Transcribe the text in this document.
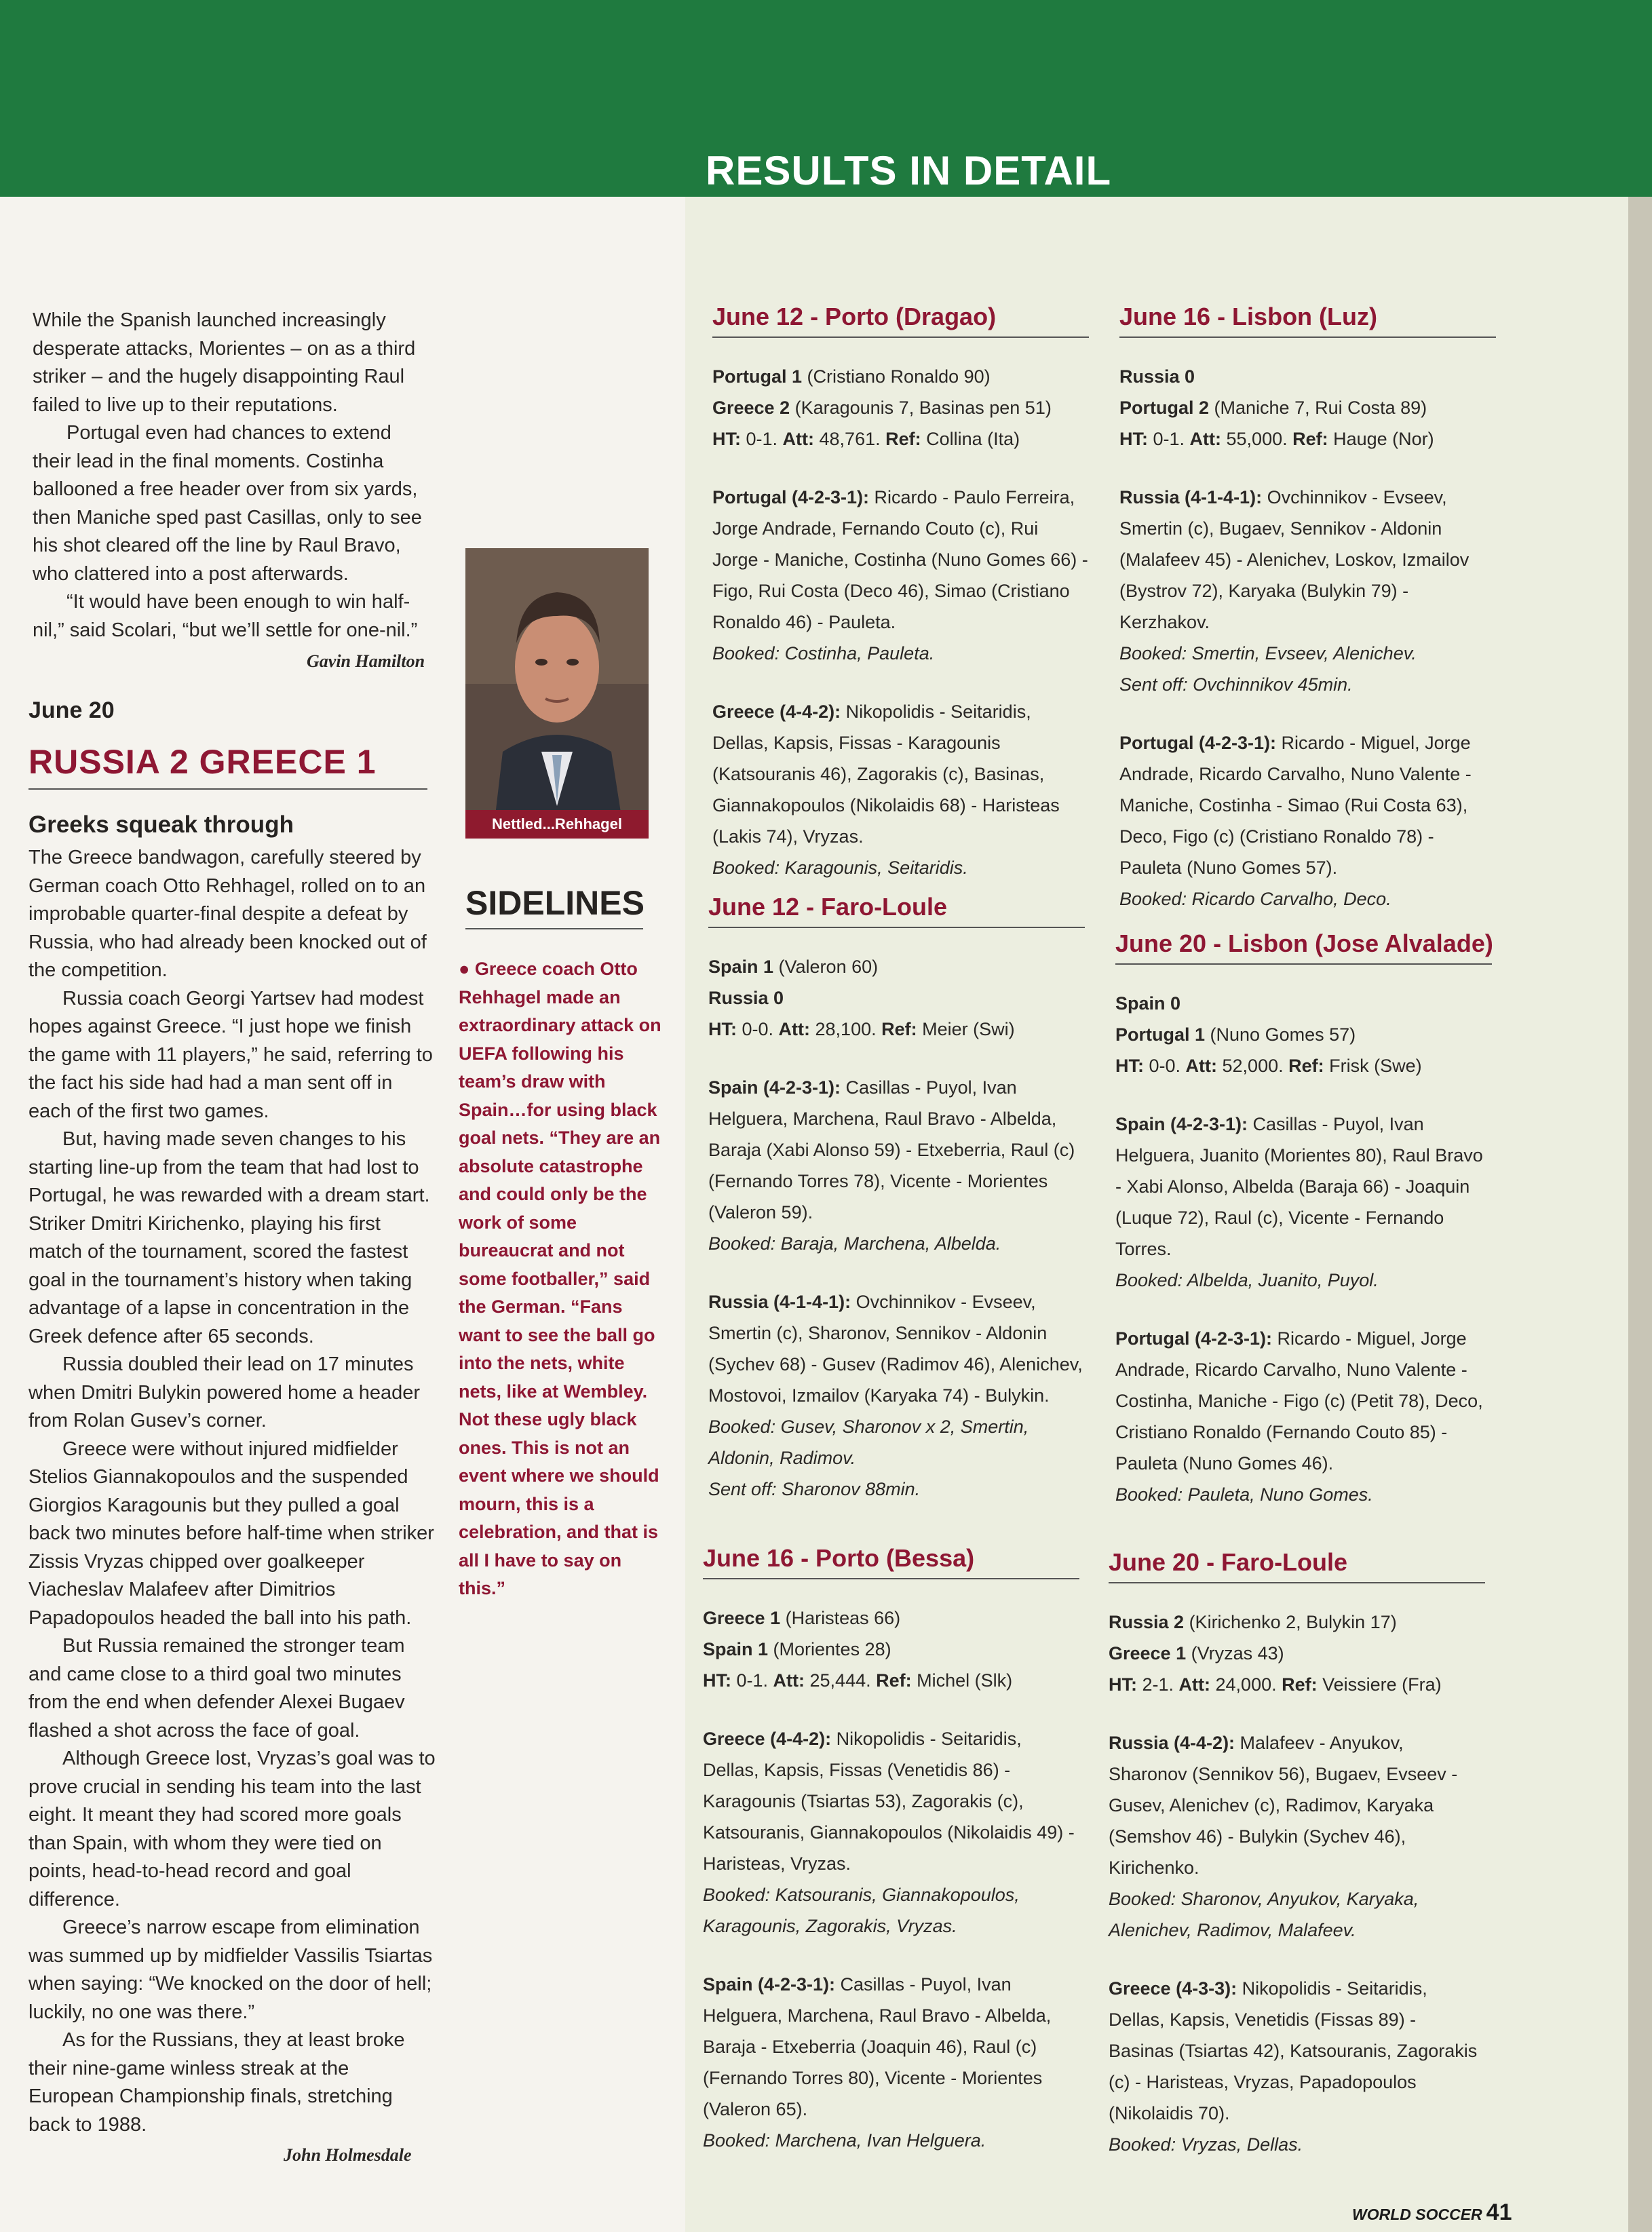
RESULTS IN DETAIL

While the Spanish launched increasingly desperate attacks, Morientes – on as a third striker – and the hugely disappointing Raul failed to live up to their reputations.

Portugal even had chances to extend their lead in the final moments. Costinha ballooned a free header over from six yards, then Maniche sped past Casillas, only to see his shot cleared off the line by Raul Bravo, who clattered into a post afterwards.

“It would have been enough to win half-nil,” said Scolari, “but we’ll settle for one-nil.”

Gavin Hamilton
June 20
RUSSIA 2 GREECE 1
Greeks squeak through

The Greece bandwagon, carefully steered by German coach Otto Rehhagel, rolled on to an improbable quarter-final despite a defeat by Russia, who had already been knocked out of the competition.

Russia coach Georgi Yartsev had modest hopes against Greece. “I just hope we finish the game with 11 players,” he said, referring to the fact his side had had a man sent off in each of the first two games.

But, having made seven changes to his starting line-up from the team that had lost to Portugal, he was rewarded with a dream start. Striker Dmitri Kirichenko, playing his first match of the tournament, scored the fastest goal in the tournament’s history when taking advantage of a lapse in concentration in the Greek defence after 65 seconds.

Russia doubled their lead on 17 minutes when Dmitri Bulykin powered home a header from Rolan Gusev’s corner.

Greece were without injured midfielder Stelios Giannakopoulos and the suspended Giorgios Karagounis but they pulled a goal back two minutes before half-time when striker Zissis Vryzas chipped over goalkeeper Viacheslav Malafeev after Dimitrios Papadopoulos headed the ball into his path.

But Russia remained the stronger team and came close to a third goal two minutes from the end when defender Alexei Bugaev flashed a shot across the face of goal.

Although Greece lost, Vryzas’s goal was to prove crucial in sending his team into the last eight. It meant they had scored more goals than Spain, with whom they were tied on points, head-to-head record and goal difference.

Greece’s narrow escape from elimination was summed up by midfielder Vassilis Tsiartas when saying: “We knocked on the door of hell; luckily, no one was there.”

As for the Russians, they at least broke their nine-game winless streak at the European Championship finals, stretching back to 1988.

John Holmesdale
Nettled...Rehhagel
SIDELINES
● Greece coach Otto Rehhagel made an extraordinary attack on UEFA following his team’s draw with Spain…for using black goal nets. “They are an absolute catastrophe and could only be the work of some bureaucrat and not some footballer,” said the German. “Fans want to see the ball go into the nets, white nets, like at Wembley. Not these ugly black ones. This is not an event where we should mourn, this is a celebration, and that is all I have to say on this.”
June 12 - Porto (Dragao)
Portugal 1 (Cristiano Ronaldo 90)
Greece 2 (Karagounis 7, Basinas pen 51)
HT: 0-1. Att: 48,761. Ref: Collina (Ita)
Portugal (4-2-3-1): Ricardo - Paulo Ferreira, Jorge Andrade, Fernando Couto (c), Rui Jorge - Maniche, Costinha (Nuno Gomes 66) - Figo, Rui Costa (Deco 46), Simao (Cristiano Ronaldo 46) - Pauleta.
Booked: Costinha, Pauleta.
Greece (4-4-2): Nikopolidis - Seitaridis, Dellas, Kapsis, Fissas - Karagounis (Katsouranis 46), Zagorakis (c), Basinas, Giannakopoulos (Nikolaidis 68) - Haristeas (Lakis 74), Vryzas.
Booked: Karagounis, Seitaridis.
June 12 - Faro-Loule
Spain 1 (Valeron 60)
Russia 0
HT: 0-0. Att: 28,100. Ref: Meier (Swi)
Spain (4-2-3-1): Casillas - Puyol, Ivan Helguera, Marchena, Raul Bravo - Albelda, Baraja (Xabi Alonso 59) - Etxeberria, Raul (c) (Fernando Torres 78), Vicente - Morientes (Valeron 59).
Booked: Baraja, Marchena, Albelda.
Russia (4-1-4-1): Ovchinnikov - Evseev, Smertin (c), Sharonov, Sennikov - Aldonin (Sychev 68) - Gusev (Radimov 46), Alenichev, Mostovoi, Izmailov (Karyaka 74) - Bulykin.
Booked: Gusev, Sharonov x 2, Smertin, Aldonin, Radimov.
Sent off: Sharonov 88min.
June 16 - Porto (Bessa)
Greece 1 (Haristeas 66)
Spain 1 (Morientes 28)
HT: 0-1. Att: 25,444. Ref: Michel (Slk)
Greece (4-4-2): Nikopolidis - Seitaridis, Dellas, Kapsis, Fissas (Venetidis 86) - Karagounis (Tsiartas 53), Zagorakis (c), Katsouranis, Giannakopoulos (Nikolaidis 49) - Haristeas, Vryzas.
Booked: Katsouranis, Giannakopoulos, Karagounis, Zagorakis, Vryzas.
Spain (4-2-3-1): Casillas - Puyol, Ivan Helguera, Marchena, Raul Bravo - Albelda, Baraja - Etxeberria (Joaquin 46), Raul (c) (Fernando Torres 80), Vicente - Morientes (Valeron 65).
Booked: Marchena, Ivan Helguera.
June 16 - Lisbon (Luz)
Russia 0
Portugal 2 (Maniche 7, Rui Costa 89)
HT: 0-1. Att: 55,000. Ref: Hauge (Nor)
Russia (4-1-4-1): Ovchinnikov - Evseev, Smertin (c), Bugaev, Sennikov - Aldonin (Malafeev 45) - Alenichev, Loskov, Izmailov (Bystrov 72), Karyaka (Bulykin 79) - Kerzhakov.
Booked: Smertin, Evseev, Alenichev.
Sent off: Ovchinnikov 45min.
Portugal (4-2-3-1): Ricardo - Miguel, Jorge Andrade, Ricardo Carvalho, Nuno Valente - Maniche, Costinha - Simao (Rui Costa 63), Deco, Figo (c) (Cristiano Ronaldo 78) - Pauleta (Nuno Gomes 57).
Booked: Ricardo Carvalho, Deco.
June 20 - Lisbon (Jose Alvalade)
Spain 0
Portugal 1 (Nuno Gomes 57)
HT: 0-0. Att: 52,000. Ref: Frisk (Swe)
Spain (4-2-3-1): Casillas - Puyol, Ivan Helguera, Juanito (Morientes 80), Raul Bravo - Xabi Alonso, Albelda (Baraja 66) - Joaquin (Luque 72), Raul (c), Vicente - Fernando Torres.
Booked: Albelda, Juanito, Puyol.
Portugal (4-2-3-1): Ricardo - Miguel, Jorge Andrade, Ricardo Carvalho, Nuno Valente - Costinha, Maniche - Figo (c) (Petit 78), Deco, Cristiano Ronaldo (Fernando Couto 85) - Pauleta (Nuno Gomes 46).
Booked: Pauleta, Nuno Gomes.
June 20 - Faro-Loule
Russia 2 (Kirichenko 2, Bulykin 17)
Greece 1 (Vryzas 43)
HT: 2-1. Att: 24,000. Ref: Veissiere (Fra)
Russia (4-4-2): Malafeev - Anyukov, Sharonov (Sennikov 56), Bugaev, Evseev - Gusev, Alenichev (c), Radimov, Karyaka (Semshov 46) - Bulykin (Sychev 46), Kirichenko.
Booked: Sharonov, Anyukov, Karyaka, Alenichev, Radimov, Malafeev.
Greece (4-3-3): Nikopolidis - Seitaridis, Dellas, Kapsis, Venetidis (Fissas 89) - Basinas (Tsiartas 42), Katsouranis, Zagorakis (c) - Haristeas, Vryzas, Papadopoulos (Nikolaidis 70).
Booked: Vryzas, Dellas.
WORLD SOCCER 41
